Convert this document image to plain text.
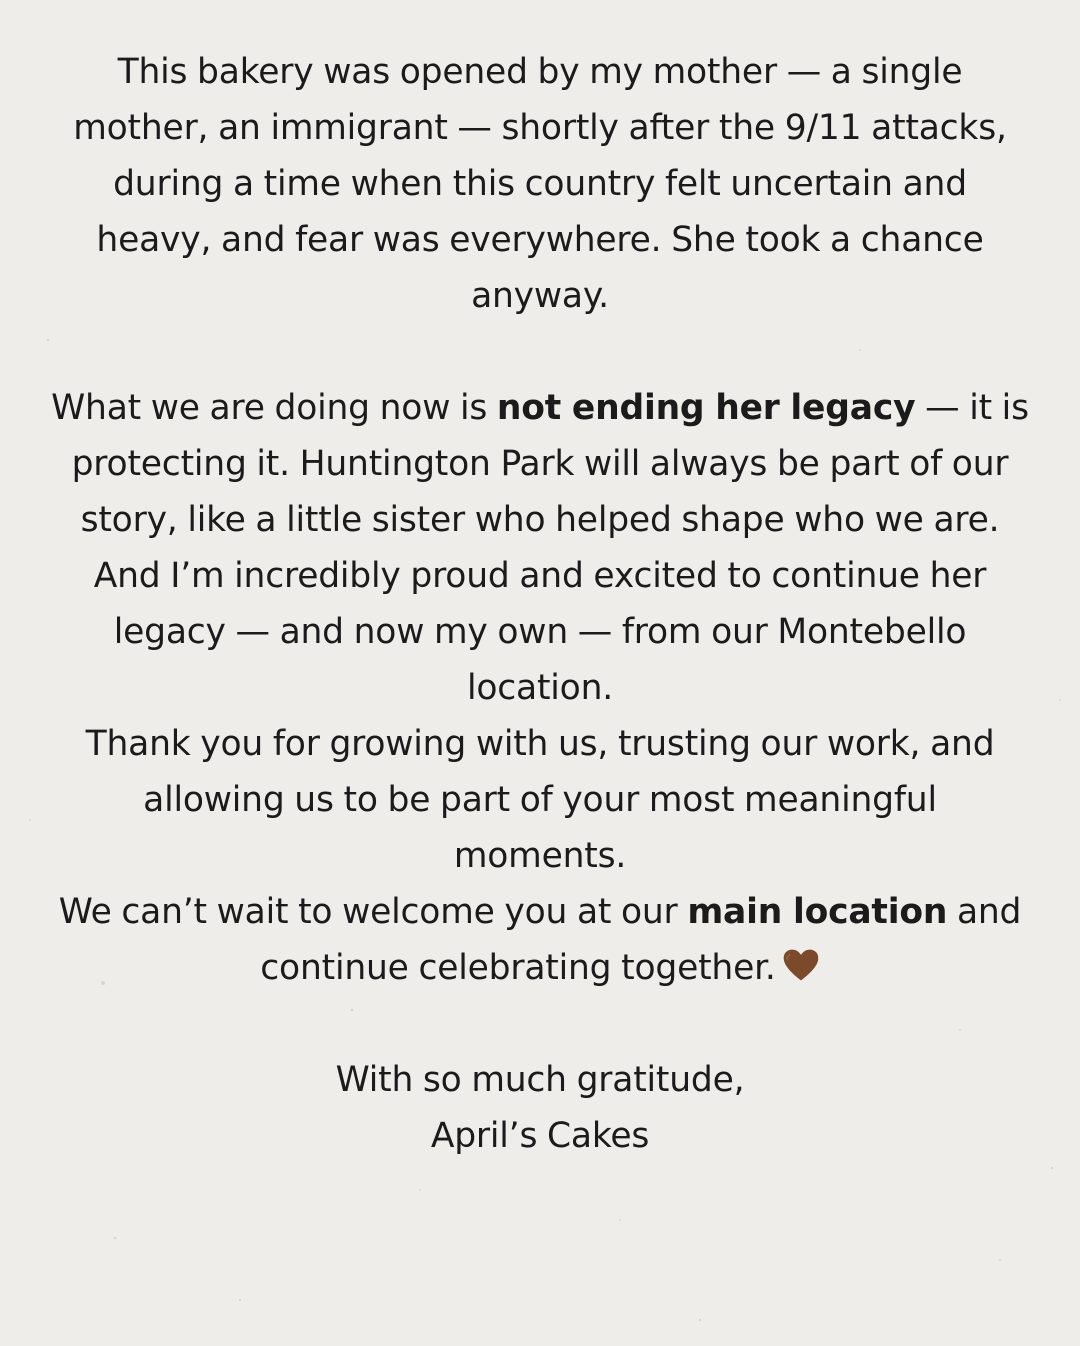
This bakery was opened by my mother — a single
mother, an immigrant — shortly after the 9/11 attacks,
during a time when this country felt uncertain and
heavy, and fear was everywhere. She took a chance
anyway.
What we are doing now is not ending her legacy — it is
protecting it. Huntington Park will always be part of our
story, like a little sister who helped shape who we are.
And I’m incredibly proud and excited to continue her
legacy — and now my own — from our Montebello
location.
Thank you for growing with us, trusting our work, and
allowing us to be part of your most meaningful
moments.
We can’t wait to welcome you at our main location and
continue celebrating together.
With so much gratitude,
April’s Cakes
